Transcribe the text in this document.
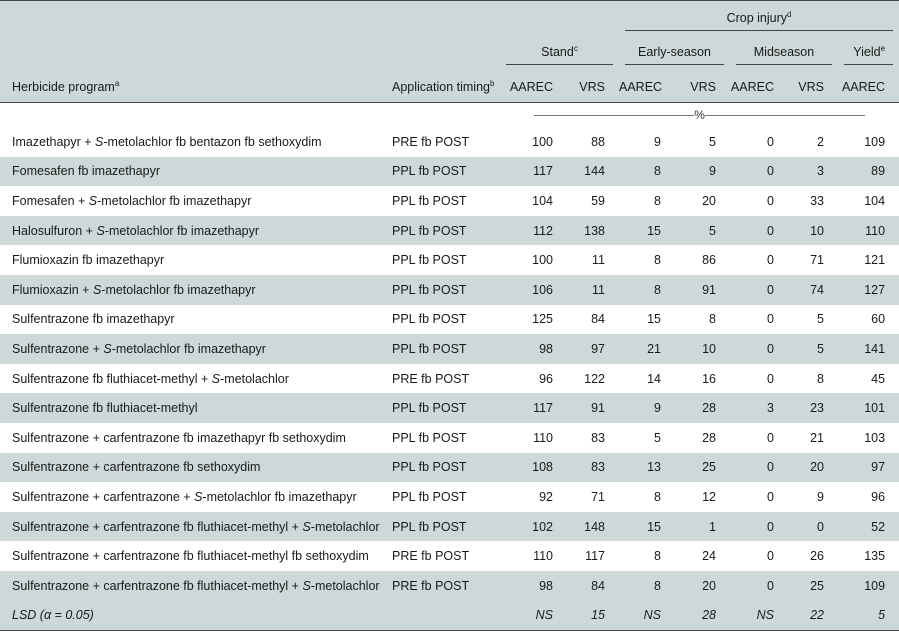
				Crop injury$^d$
		Stand$^c$		Early-season		Midseason		Yield$^e$
Herbicide program$^a$	Application timing$^b$	AAREC	VRS	AAREC	VRS	AAREC	VRS	AAREC
		%						
Imazethapyr + S-metolachlor fb bentazon fb sethoxydim	PRE fb POST	100	88	9	5	0	2	109
Fomesafen fb imazethapyr	PPL fb POST	117	144	8	9	0	3	89
Fomesafen + S-metolachlor fb imazethapyr	PPL fb POST	104	59	8	20	0	33	104
Halosulfuron + S-metolachlor fb imazethapyr	PPL fb POST	112	138	15	5	0	10	110
Flumioxazin fb imazethapyr	PPL fb POST	100	11	8	86	0	71	121
Flumioxazin + S-metolachlor fb imazethapyr	PPL fb POST	106	11	8	91	0	74	127
Sulfentrazone fb imazethapyr	PPL fb POST	125	84	15	8	0	5	60
Sulfentrazone + S-metolachlor fb imazethapyr	PPL fb POST	98	97	21	10	0	5	141
Sulfentrazone fb fluthiacet-methyl + S-metolachlor	PRE fb POST	96	122	14	16	0	8	45
Sulfentrazone fb fluthiacet-methyl	PPL fb POST	117	91	9	28	3	23	101
Sulfentrazone + carfentrazone fb imazethapyr fb sethoxydim	PPL fb POST	110	83	5	28	0	21	103
Sulfentrazone + carfentrazone fb sethoxydim	PPL fb POST	108	83	13	25	0	20	97
Sulfentrazone + carfentrazone + S-metolachlor fb imazethapyr	PPL fb POST	92	71	8	12	0	9	96
Sulfentrazone + carfentrazone fb fluthiacet-methyl + S-metolachlor	PPL fb POST	102	148	15	1	0	0	52
Sulfentrazone + carfentrazone fb fluthiacet-methyl fb sethoxydim	PRE fb POST	110	117	8	24	0	26	135
Sulfentrazone + carfentrazone fb fluthiacet-methyl + S-metolachlor	PRE fb POST	98	84	8	20	0	25	109
LSD (α = 0.05)		NS	15	NS	28	NS	22	5
